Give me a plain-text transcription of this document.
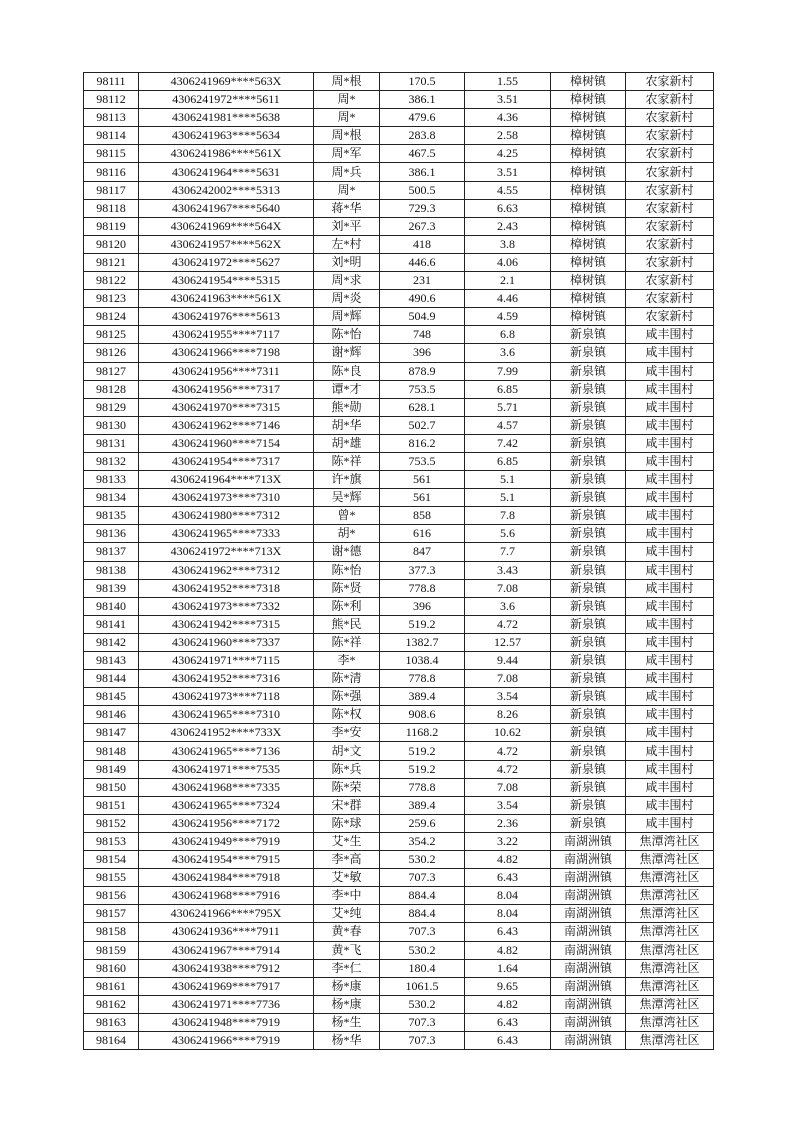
98111	4306241969****563X	周*根	170.5	1.55	樟树镇	农家新村
98112	4306241972****5611	周*	386.1	3.51	樟树镇	农家新村
98113	4306241981****5638	周*	479.6	4.36	樟树镇	农家新村
98114	4306241963****5634	周*根	283.8	2.58	樟树镇	农家新村
98115	4306241986****561X	周*军	467.5	4.25	樟树镇	农家新村
98116	4306241964****5631	周*兵	386.1	3.51	樟树镇	农家新村
98117	4306242002****5313	周*	500.5	4.55	樟树镇	农家新村
98118	4306241967****5640	蒋*华	729.3	6.63	樟树镇	农家新村
98119	4306241969****564X	刘*平	267.3	2.43	樟树镇	农家新村
98120	4306241957****562X	左*村	418	3.8	樟树镇	农家新村
98121	4306241972****5627	刘*明	446.6	4.06	樟树镇	农家新村
98122	4306241954****5315	周*求	231	2.1	樟树镇	农家新村
98123	4306241963****561X	周*炎	490.6	4.46	樟树镇	农家新村
98124	4306241976****5613	周*辉	504.9	4.59	樟树镇	农家新村
98125	4306241955****7117	陈*怡	748	6.8	新泉镇	咸丰围村
98126	4306241966****7198	谢*辉	396	3.6	新泉镇	咸丰围村
98127	4306241956****7311	陈*良	878.9	7.99	新泉镇	咸丰围村
98128	4306241956****7317	谭*才	753.5	6.85	新泉镇	咸丰围村
98129	4306241970****7315	熊*勋	628.1	5.71	新泉镇	咸丰围村
98130	4306241962****7146	胡*华	502.7	4.57	新泉镇	咸丰围村
98131	4306241960****7154	胡*雄	816.2	7.42	新泉镇	咸丰围村
98132	4306241954****7317	陈*祥	753.5	6.85	新泉镇	咸丰围村
98133	4306241964****713X	许*旗	561	5.1	新泉镇	咸丰围村
98134	4306241973****7310	吴*辉	561	5.1	新泉镇	咸丰围村
98135	4306241980****7312	曾*	858	7.8	新泉镇	咸丰围村
98136	4306241965****7333	胡*	616	5.6	新泉镇	咸丰围村
98137	4306241972****713X	谢*德	847	7.7	新泉镇	咸丰围村
98138	4306241962****7312	陈*怡	377.3	3.43	新泉镇	咸丰围村
98139	4306241952****7318	陈*贤	778.8	7.08	新泉镇	咸丰围村
98140	4306241973****7332	陈*利	396	3.6	新泉镇	咸丰围村
98141	4306241942****7315	熊*民	519.2	4.72	新泉镇	咸丰围村
98142	4306241960****7337	陈*祥	1382.7	12.57	新泉镇	咸丰围村
98143	4306241971****7115	李*	1038.4	9.44	新泉镇	咸丰围村
98144	4306241952****7316	陈*清	778.8	7.08	新泉镇	咸丰围村
98145	4306241973****7118	陈*强	389.4	3.54	新泉镇	咸丰围村
98146	4306241965****7310	陈*权	908.6	8.26	新泉镇	咸丰围村
98147	4306241952****733X	李*安	1168.2	10.62	新泉镇	咸丰围村
98148	4306241965****7136	胡*文	519.2	4.72	新泉镇	咸丰围村
98149	4306241971****7535	陈*兵	519.2	4.72	新泉镇	咸丰围村
98150	4306241968****7335	陈*荣	778.8	7.08	新泉镇	咸丰围村
98151	4306241965****7324	宋*群	389.4	3.54	新泉镇	咸丰围村
98152	4306241956****7172	陈*球	259.6	2.36	新泉镇	咸丰围村
98153	4306241949****7919	艾*生	354.2	3.22	南湖洲镇	焦潭湾社区
98154	4306241954****7915	李*高	530.2	4.82	南湖洲镇	焦潭湾社区
98155	4306241984****7918	艾*敏	707.3	6.43	南湖洲镇	焦潭湾社区
98156	4306241968****7916	李*中	884.4	8.04	南湖洲镇	焦潭湾社区
98157	4306241966****795X	艾*纯	884.4	8.04	南湖洲镇	焦潭湾社区
98158	4306241936****7911	黄*春	707.3	6.43	南湖洲镇	焦潭湾社区
98159	4306241967****7914	黄*飞	530.2	4.82	南湖洲镇	焦潭湾社区
98160	4306241938****7912	李*仁	180.4	1.64	南湖洲镇	焦潭湾社区
98161	4306241969****7917	杨*康	1061.5	9.65	南湖洲镇	焦潭湾社区
98162	4306241971****7736	杨*康	530.2	4.82	南湖洲镇	焦潭湾社区
98163	4306241948****7919	杨*生	707.3	6.43	南湖洲镇	焦潭湾社区
98164	4306241966****7919	杨*华	707.3	6.43	南湖洲镇	焦潭湾社区
